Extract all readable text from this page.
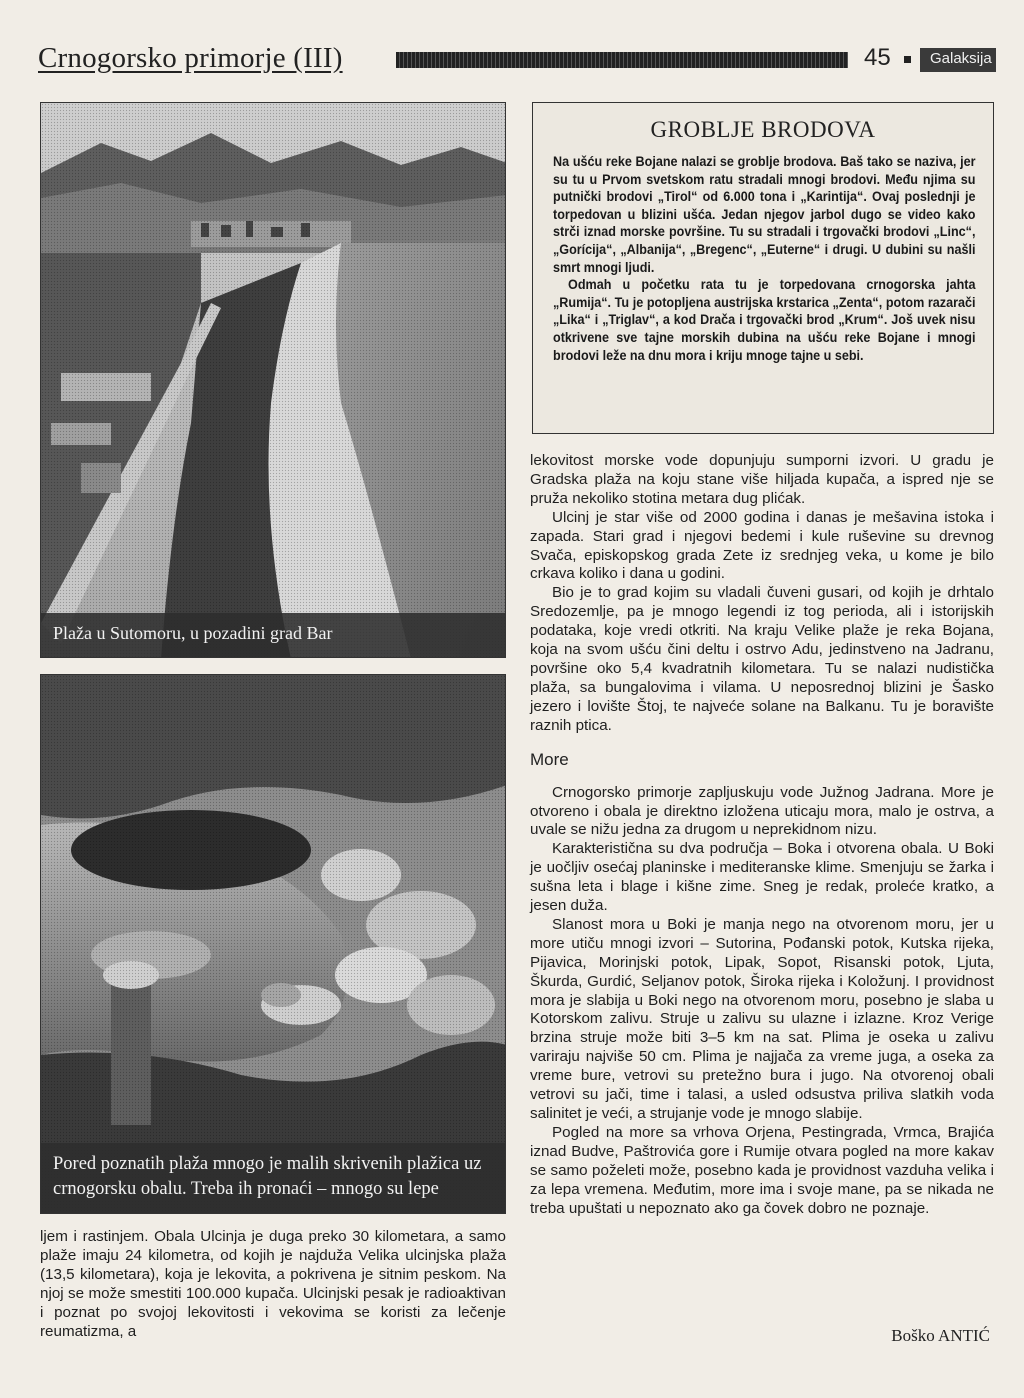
Crnogorsko primorje (III)	45	Galaksija
Plaža u Sutomoru, u pozadini grad Bar
Pored poznatih plaža mnogo je malih skrivenih plažica uz
crnogorsku obalu. Treba ih pronaći – mnogo su lepe
GROBLJE BRODOVA

Na ušću reke Bojane nalazi se groblje brodova. Baš tako se naziva, jer su tu u Prvom svetskom ratu stradali mnogi brodovi. Među njima su putnički brodovi „Tirol“ od 6.000 tona i „Karintija“. Ovaj poslednji je torpedovan u blizini ušća. Jedan njegov jarbol dugo se video kako strči iznad morske površine. Tu su stradali i trgovački brodovi „Linc“, „Gorícija“, „Albanija“, „Bregenc“, „Euterne“ i drugi. U dubini su našli smrt mnogi ljudi.

Odmah u početku rata tu je torpedovana crnogorska jahta „Rumija“. Tu je potopljena austrijska krstarica „Zenta“, potom razarači „Lika“ i „Triglav“, a kod Drača i trgovački brod „Krum“. Još uvek nisu otkrivene sve tajne morskih dubina na ušću reke Bojane i mnogi brodovi leže na dnu mora i kriju mnoge tajne u sebi.

lekovitost morske vode dopunjuju sumporni izvori. U gradu je Gradska plaža na koju stane više hiljada kupača, a ispred nje se pruža nekoliko stotina metara dug plićak.

Ulcinj je star više od 2000 godina i danas je mešavina istoka i zapada. Stari grad i njegovi bedemi i kule ruševine su drevnog Svača, episkopskog grada Zete iz srednjeg veka, u kome je bilo crkava koliko i dana u godini.

Bio je to grad kojim su vladali čuveni gusari, od kojih je drhtalo Sredozemlje, pa je mnogo legendi iz tog perioda, ali i istorijskih podataka, koje vredi otkriti. Na kraju Velike plaže je reka Bojana, koja na svom ušću čini deltu i ostrvo Adu, jedinstveno na Jadranu, površine oko 5,4 kvadratnih kilometara. Tu se nalazi nudistička plaža, sa bungalovima i vilama. U neposrednoj blizini je Šasko jezero i lovište Štoj, te najveće solane na Balkanu. Tu je boravište raznih ptica.

More

Crnogorsko primorje zapljuskuju vode Južnog Jadrana. More je otvoreno i obala je direktno izložena uticaju mora, malo je ostrva, a uvale se nižu jedna za drugom u neprekidnom nizu.

Karakteristična su dva područja – Boka i otvorena obala. U Boki je uočljiv osećaj planinske i mediteranske klime. Smenjuju se žarka i sušna leta i blage i kišne zime. Sneg je redak, proleće kratko, a jesen duža.

Slanost mora u Boki je manja nego na otvorenom moru, jer u more utiču mnogi izvori – Sutorina, Pođanski potok, Kutska rijeka, Pijavica, Morinjski potok, Lipak, Sopot, Risanski potok, Ljuta, Škurda, Gurdić, Seljanov potok, Široka rijeka i Koložunj. I providnost mora je slabija u Boki nego na otvorenom moru, posebno je slaba u Kotorskom zalivu. Struje u zalivu su ulazne i izlazne. Kroz Verige brzina struje može biti 3–5 km na sat. Plima je oseka u zalivu variraju najviše 50 cm. Plima je najjača za vreme juga, a oseka za vreme bure, vetrovi su pretežno bura i jugo. Na otvorenoj obali vetrovi su jači, time i talasi, a usled odsustva priliva slatkih voda salinitet je veći, a strujanje vode je mnogo slabije.

Pogled na more sa vrhova Orjena, Pestingrada, Vrmca, Brajića iznad Budve, Paštrovića gore i Rumije otvara pogled na more kakav se samo poželeti može, posebno kada je providnost vazduha velika i za lepa vremena. Međutim, more ima i svoje mane, pa se nikada ne treba upuštati u nepoznato ako ga čovek dobro ne poznaje.

Boško ANTIĆ

ljem i rastinjem. Obala Ulcinja je duga preko 30 kilometara, a samo plaže imaju 24 kilometra, od kojih je najduža Velika ulcinjska plaža (13,5 kilometara), koja je lekovita, a pokrivena je sitnim peskom. Na njoj se može smestiti 100.000 kupača. Ulcinjski pesak je radioaktivan i poznat po svojoj lekovitosti i vekovima se koristi za lečenje reumatizma, a
